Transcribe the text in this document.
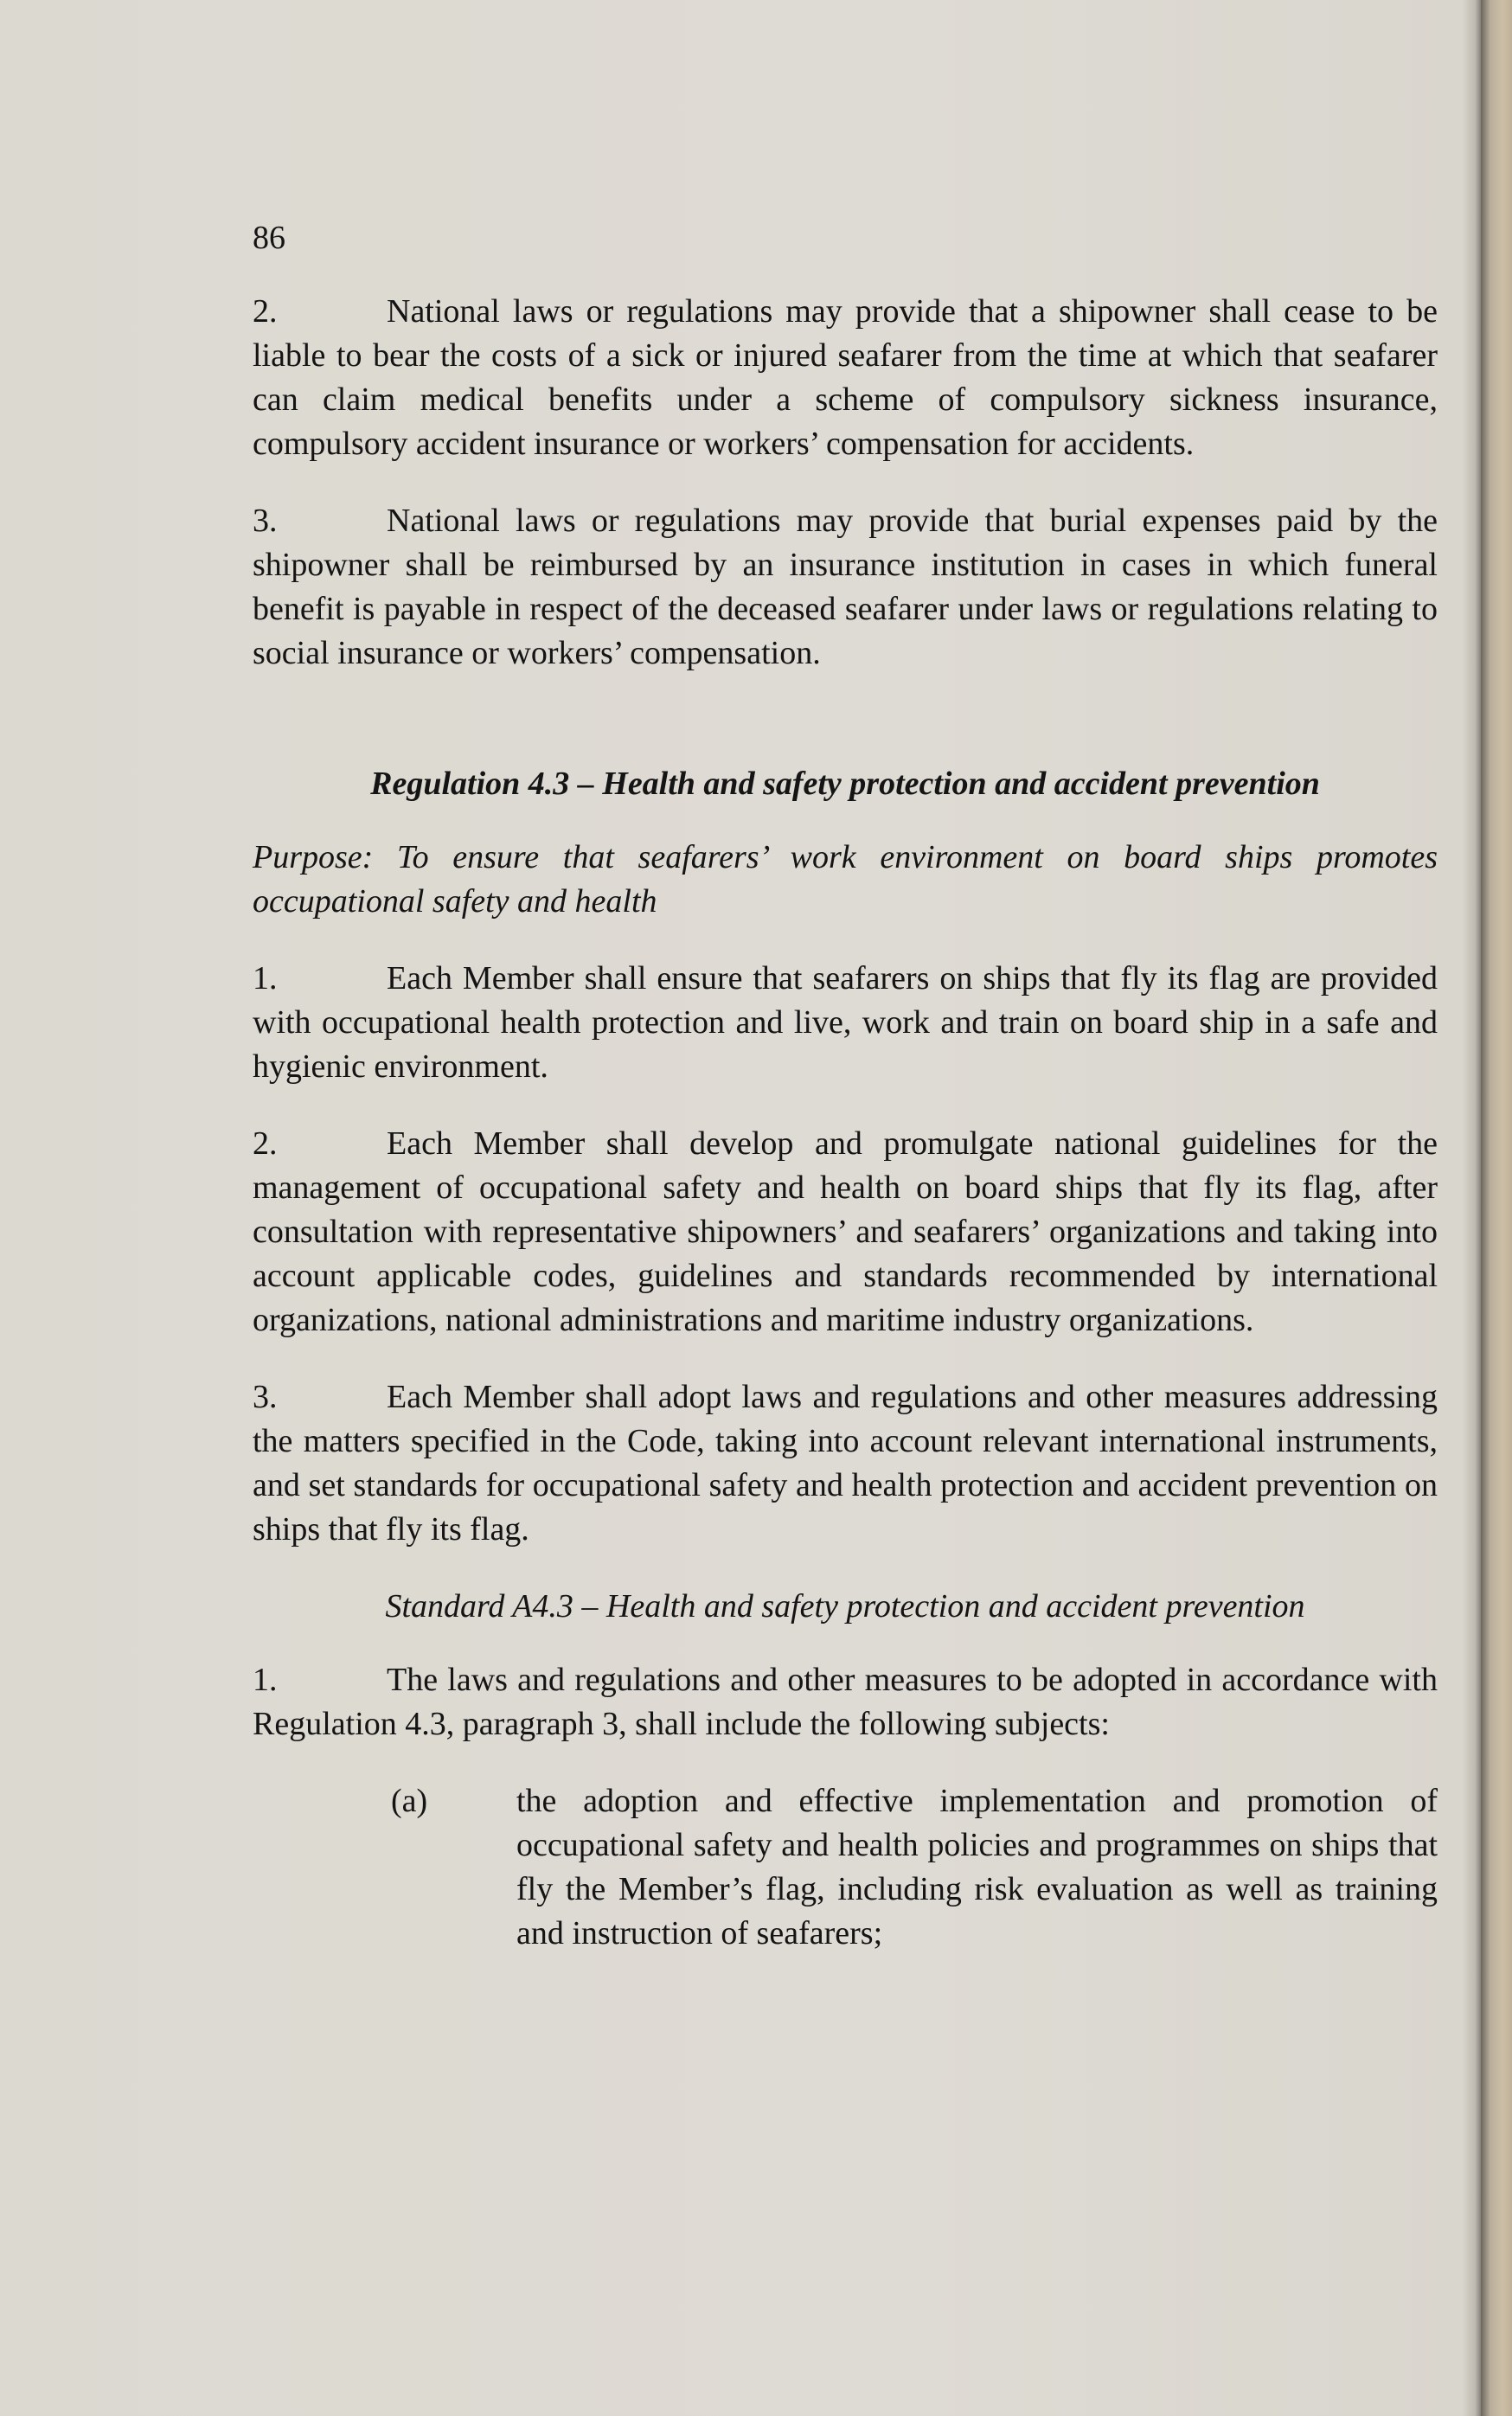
86

2.	National laws or regulations may provide that a shipowner shall cease to be liable to bear the costs of a sick or injured seafarer from the time at which that seafarer can claim medical benefits under a scheme of compulsory sickness insurance, compulsory accident insurance or workers’ compensation for accidents.

3.	National laws or regulations may provide that burial expenses paid by the shipowner shall be reimbursed by an insurance institution in cases in which funeral benefit is payable in respect of the deceased seafarer under laws or regulations relating to social insurance or workers’ compensation.

Regulation 4.3 – Health and safety protection and accident prevention

Purpose: To ensure that seafarers’ work environment on board ships promotes occupational safety and health

1.	Each Member shall ensure that seafarers on ships that fly its flag are provided with occupational health protection and live, work and train on board ship in a safe and hygienic environment.

2.	Each Member shall develop and promulgate national guidelines for the management of occupational safety and health on board ships that fly its flag, after consultation with representative shipowners’ and seafarers’ organizations and taking into account applicable codes, guidelines and standards recommended by international organizations, national administrations and maritime industry organizations.

3.	Each Member shall adopt laws and regulations and other measures addressing the matters specified in the Code, taking into account relevant international instruments, and set standards for occupational safety and health protection and accident prevention on ships that fly its flag.

Standard A4.3 – Health and safety protection and accident prevention

1.	The laws and regulations and other measures to be adopted in accordance with Regulation 4.3, paragraph 3, shall include the following subjects:

(a)	the adoption and effective implementation and promotion of occupational safety and health policies and programmes on ships that fly the Member’s flag, including risk evaluation as well as training and instruction of seafarers;
